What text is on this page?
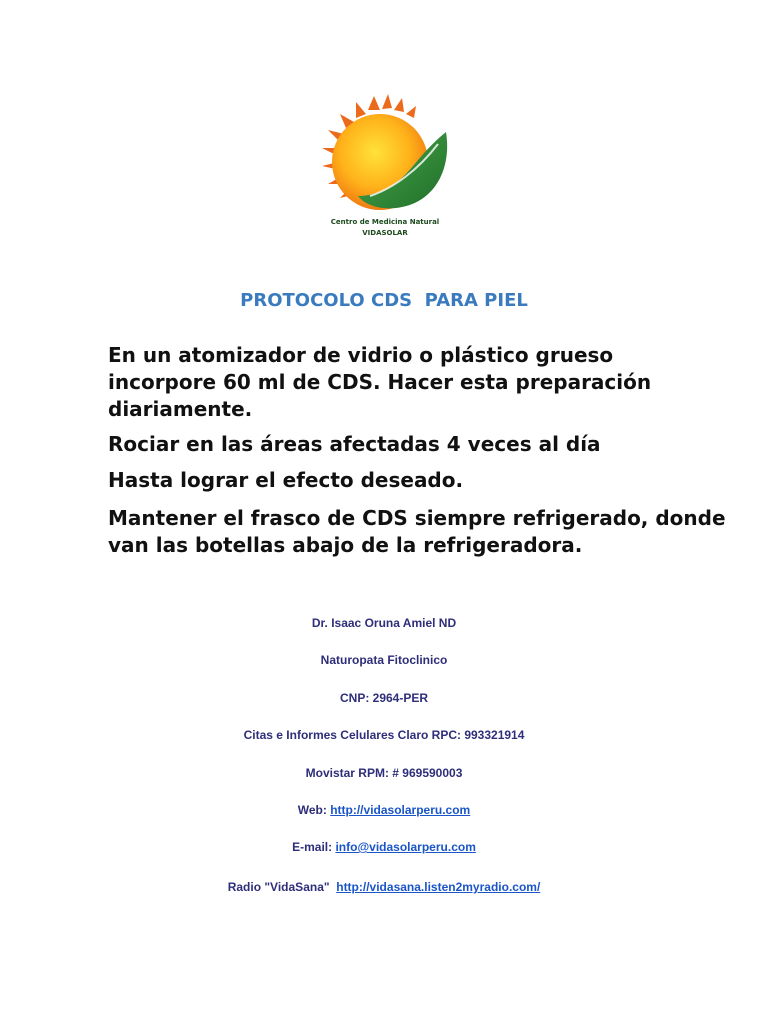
Centro de Medicina Natural
VIDASOLAR
PROTOCOLO CDS  PARA PIEL

En un atomizador de vidrio o plástico grueso incorpore 60 ml de CDS. Hacer esta preparación diariamente.

Rociar en las áreas afectadas 4 veces al día

Hasta lograr el efecto deseado.

Mantener el frasco de CDS siempre refrigerado, donde van las botellas abajo de la refrigeradora.

Dr. Isaac Oruna Amiel ND

Naturopata Fitoclinico

CNP: 2964-PER

Citas e Informes Celulares Claro RPC: 993321914

Movistar RPM: # 969590003

Web: http://vidasolarperu.com

E-mail: info@vidasolarperu.com

Radio "VidaSana"  http://vidasana.listen2myradio.com/
